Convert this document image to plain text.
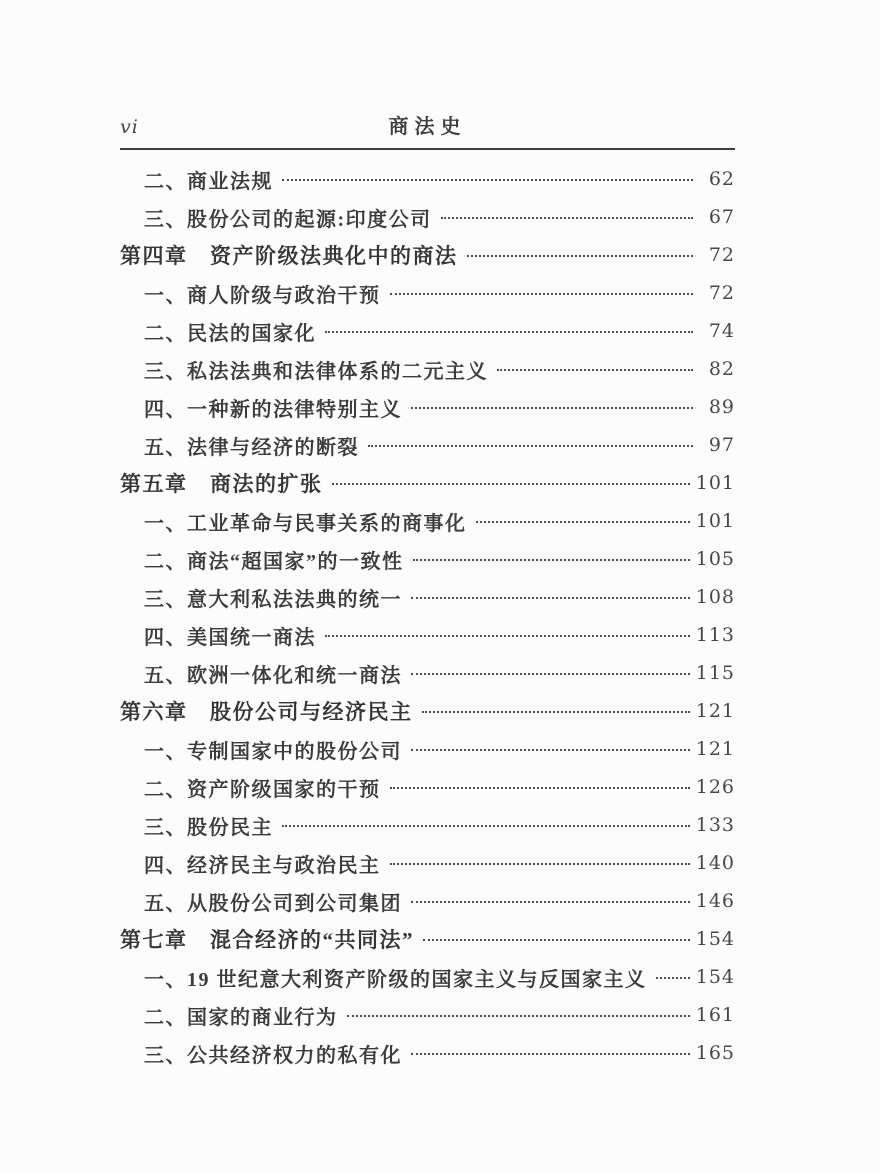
vi	商法史
二、商业法规	62
三、股份公司的起源:印度公司	67
第四章　资产阶级法典化中的商法	72
一、商人阶级与政治干预	72
二、民法的国家化	74
三、私法法典和法律体系的二元主义	82
四、一种新的法律特别主义	89
五、法律与经济的断裂	97
第五章　商法的扩张	101
一、工业革命与民事关系的商事化	101
二、商法“超国家”的一致性	105
三、意大利私法法典的统一	108
四、美国统一商法	113
五、欧洲一体化和统一商法	115
第六章　股份公司与经济民主	121
一、专制国家中的股份公司	121
二、资产阶级国家的干预	126
三、股份民主	133
四、经济民主与政治民主	140
五、从股份公司到公司集团	146
第七章　混合经济的“共同法”	154
一、19 世纪意大利资产阶级的国家主义与反国家主义	154
二、国家的商业行为	161
三、公共经济权力的私有化	165
